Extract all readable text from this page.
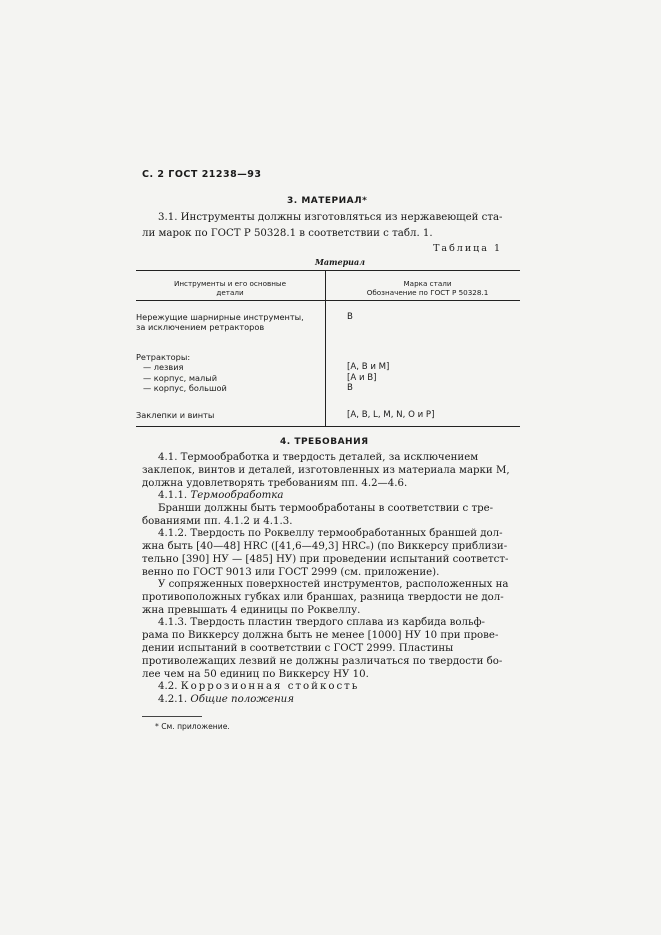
С. 2 ГОСТ 21238—93
3. МАТЕРИАЛ*
3.1. Инструменты должны изготовляться из нержавеющей ста-
ли марок по ГОСТ Р 50328.1 в соответствии с табл. 1.
Таблица 1
Материал
Инструменты и его основные
детали
Марка стали
Обозначение по ГОСТ Р 50328.1
Нережущие шарнирные инструменты,
за исключением ретракторов
В
Ретракторы:
— лезвия
— корпус, малый
— корпус, большой

[А, В и М]
[А и В]
В
Заклепки и винты	[А, В, L, М, N, О и Р]
4. ТРЕБОВАНИЯ
4.1. Термообработка и твердость деталей, за исключением
заклепок, винтов и деталей, изготовленных из материала марки М,
должна удовлетворять требованиям пп. 4.2—4.6.
4.1.1. Термообработка
Бранши должны быть термообработаны в соответствии с тре-
бованиями пп. 4.1.2 и 4.1.3.
4.1.2. Твердость по Роквеллу термообработанных браншей дол-
жна быть [40—48] HRC ([41,6—49,3] HRCₑ) (по Виккерсу приблизи-
тельно [390] НУ — [485] НУ) при проведении испытаний соответст-
венно по ГОСТ 9013 или ГОСТ 2999 (см. приложение).
У сопряженных поверхностей инструментов, расположенных на
противоположных губках или браншах, разница твердости не дол-
жна превышать 4 единицы по Роквеллу.
4.1.3. Твердость пластин твердого сплава из карбида вольф-
рама по Виккерсу должна быть не менее [1000] НУ 10 при прове-
дении испытаний в соответствии с ГОСТ 2999. Пластины
противолежащих лезвий не должны различаться по твердости бо-
лее чем на 50 единиц по Виккерсу НУ 10.
4.2. Коррозионная стойкость
4.2.1. Общие положения
* См. приложение.
